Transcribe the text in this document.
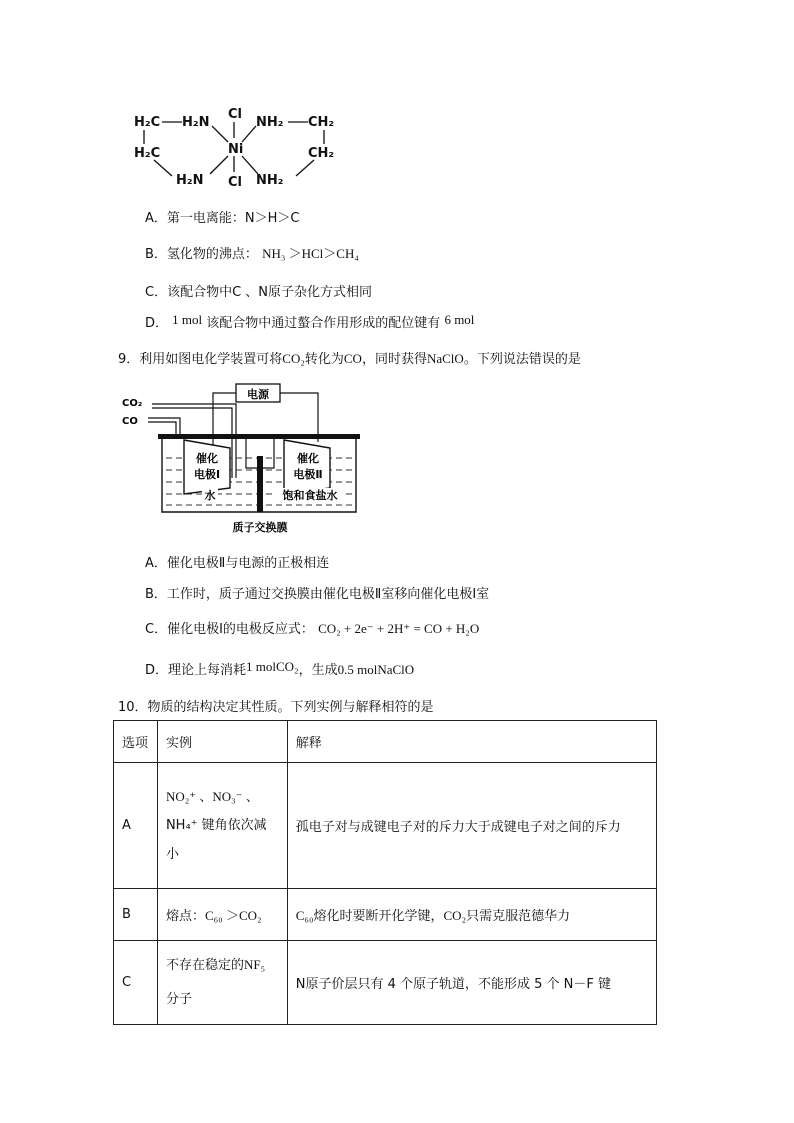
H₂C H₂N
Cl
NH₂ CH₂
H₂C	Ni	CH₂
H₂N Cl NH₂
A．第一电离能：N＞H＞C
B．氢化物的沸点： NH₃ ＞HCl＞CH₄
C．该配合物中C 、N原子杂化方式相同
D． 1 mol 该配合物中通过螯合作用形成的配位键有 6 mol
9．利用如图电化学装置可将CO₂转化为CO，同时获得NaClO。下列说法错误的是
电源
CO₂
CO
催化
电极Ⅰ
催化
电极Ⅱ
水	饱和食盐水
质子交换膜
A．催化电极Ⅱ与电源的正极相连
B．工作时，质子通过交换膜由催化电极Ⅱ室移向催化电极Ⅰ室
C．催化电极Ⅰ的电极反应式： CO₂ + 2e⁻ + 2H⁺ = CO + H₂O
D．理论上每消耗1 molCO₂，生成0.5 molNaClO
10．物质的结构决定其性质。下列实例与解释相符的是
选项	实例	解释
A	NO₂⁺ 、NO₃⁻ 、
NH₄⁺ 键角依次减
小	孤电子对与成键电子对的斥力大于成键电子对之间的斥力
B	熔点：C₆₀ ＞CO₂	C₆₀熔化时要断开化学键，CO₂只需克服范德华力
C	不存在稳定的NF₅
分子	N原子价层只有 4 个原子轨道，不能形成 5 个 N－F 键
